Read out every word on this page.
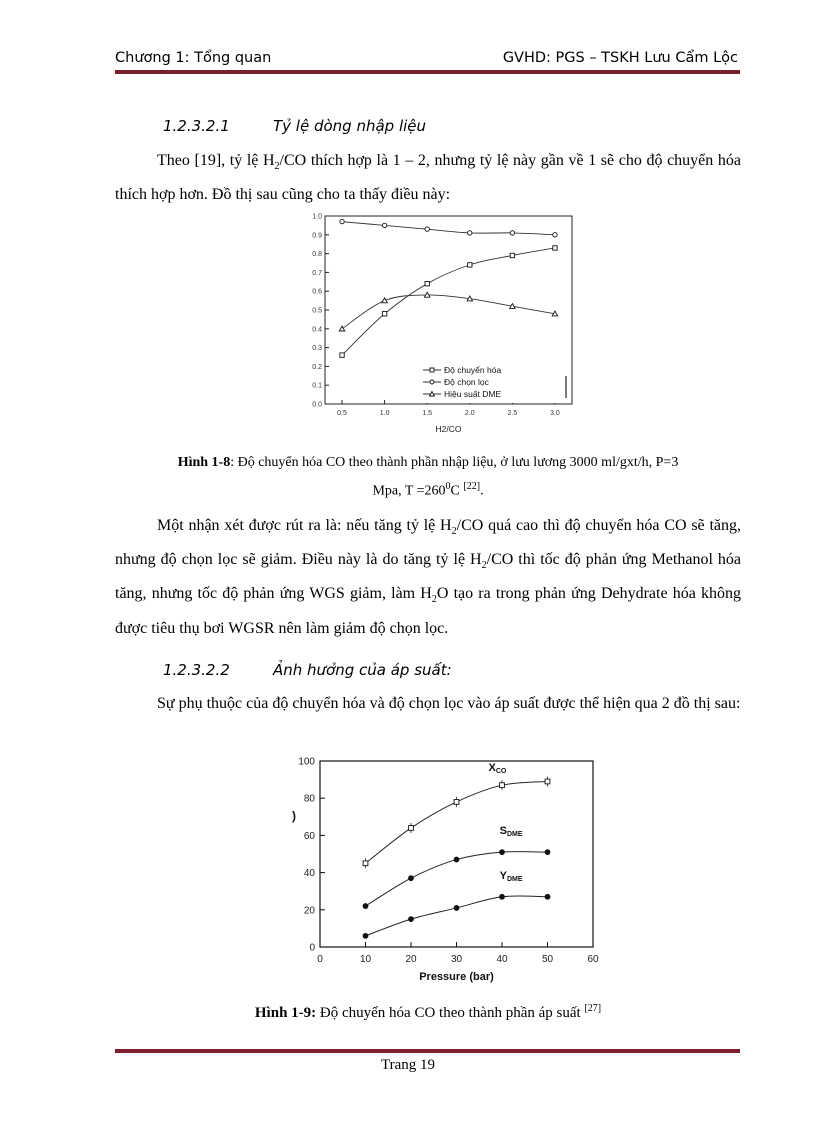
Chương 1: Tổng quan	GVHD: PGS – TSKH Lưu Cẩm Lộc
1.2.3.2.1	Tỷ lệ dòng nhập liệu
Theo [19], tỷ lệ $H_2/CO$ thích hợp là 1 – 2, nhưng tỷ lệ này gần về 1 sẽ cho độ chuyển hóa thích hợp hơn. Đồ thị sau cũng cho ta thấy điều này:
0.0
0.1
0.2
0.3
0.4
0.5
0.6
0.7
0.8
0.9
1.0
0.5	1.0	1.5	2.0	2.5	3.0
H2/CO
Độ chuyển hóa
Độ chọn lọc
Hiệu suất DME
Hình 1-8: Độ chuyển hóa CO theo thành phần nhập liệu, ở lưu lương 3000 ml/gxt/h, P=3
Mpa, $T =260^0C$ [22].
Một nhận xét được rút ra là: nếu tăng tỷ lệ $H_2/CO$ quá cao thì độ chuyển hóa CO sẽ tăng, nhưng độ chọn lọc sẽ giảm. Điều này là do tăng tỷ lệ $H_2/CO$ thì tốc độ phản ứng Methanol hóa tăng, nhưng tốc độ phản ứng WGS giảm, làm $H_2O$ tạo ra trong phản ứng Dehydrate hóa không được tiêu thụ bơi WGSR nên làm giảm độ chọn lọc.
1.2.3.2.2	Ảnh hưởng của áp suất:
Sự phụ thuộc của độ chuyển hóa và độ chọn lọc vào áp suất được thể hiện qua 2 đồ thị sau:
0
20
40
60
80
100
0	10	20	30	40	50	60
Pressure (bar)
)
XCO
SDME
YDME
Hình 1-9: Độ chuyển hóa CO theo thành phần áp suất [27]
Trang 19
